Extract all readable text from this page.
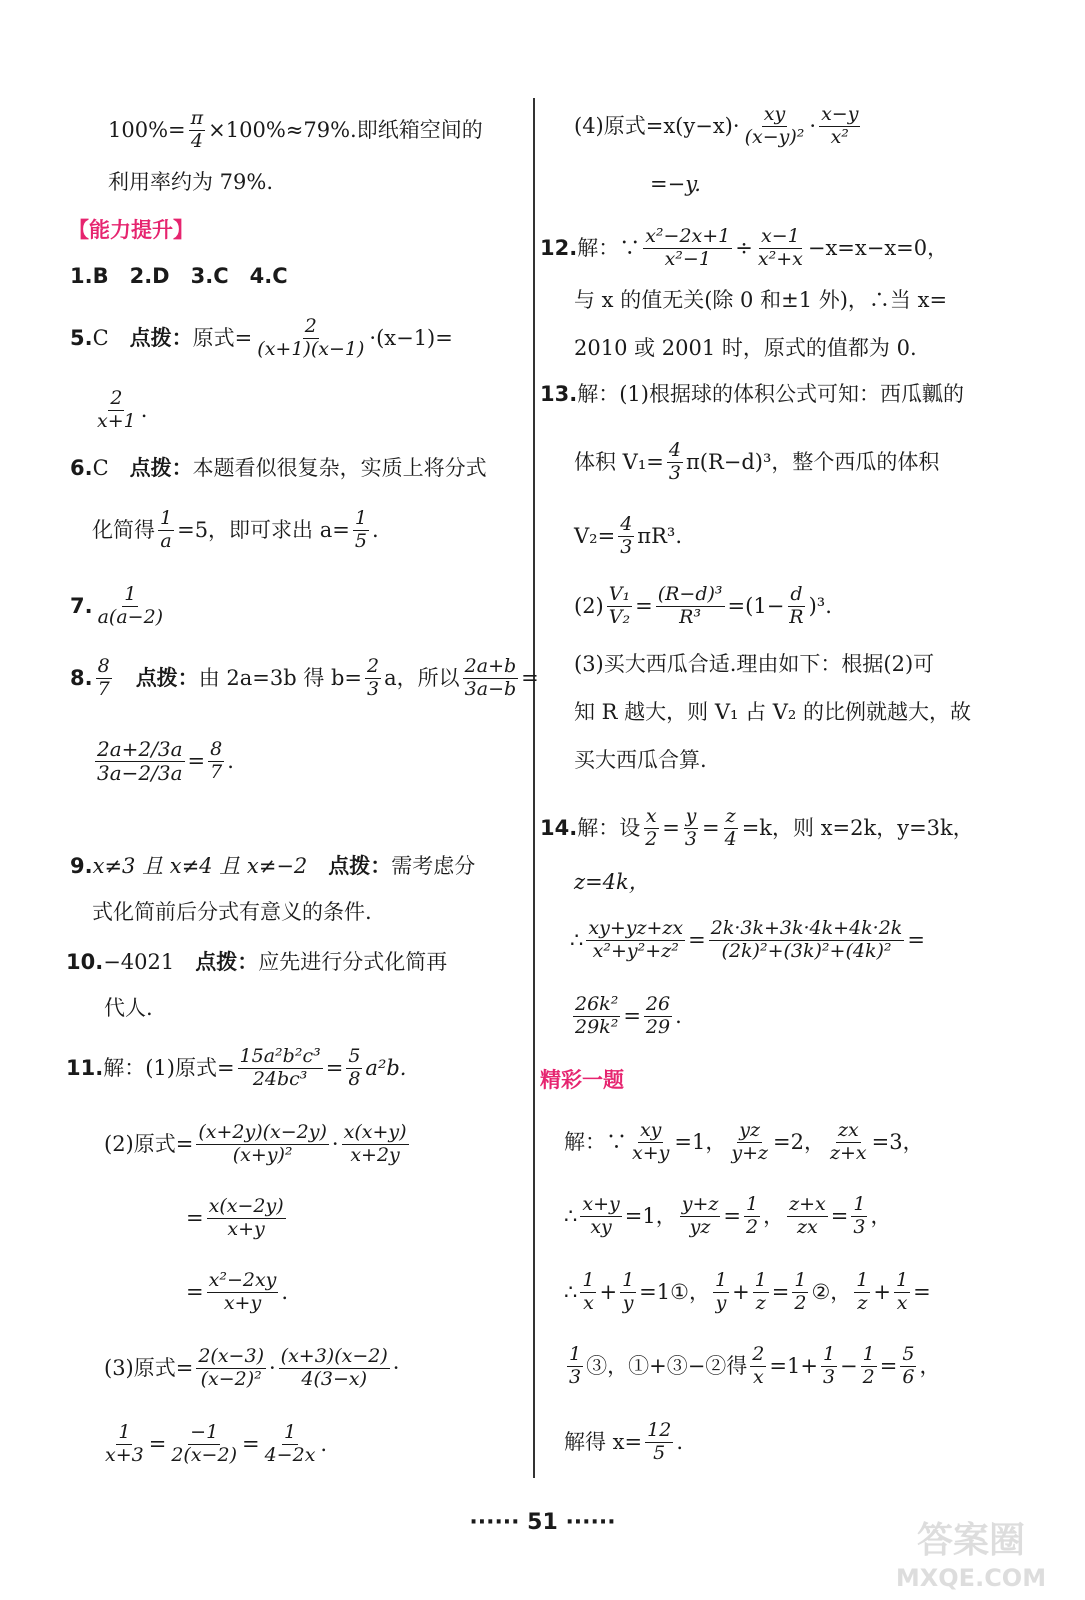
$100\%= \frac{\pi}{4} \times 100\%\approx 79\%$.即纸箱空间的
利用率约为 79%.
【能力提升】
1.B　2.D　3.C　4.C
5. C
　 点拨： 原式= $\frac{2}{(x+1)(x-1)} \cdot(x-1)=$
$\frac{2}{x+1}$ .
6. C
　 点拨： 本题看似很复杂，实质上将分式
化简得 $\frac{1}{a} =5$，即可求出 $a= \frac{1}{5}$ .
7. $\frac{1}{a(a-2)}$
8. $\frac{8}{7}$
　 点拨： 由 2a=3b 得 $b= \frac{2}{3}$ a，所以 $\frac{2a+b}{3a-b}$ =
$\frac{2a+2/3a}{3a-2/3a} = \frac{8}{7}$ .
9. x≠3 且 x≠4 且 x≠−2
　 点拨： 需考虑分
式化简前后分式有意义的条件.
10. −4021
　 点拨： 应先进行分式化简再
代人.
11. 解：(1)原式= $\frac{\text{15a²b²c³}}{\text{24bc³}} = \frac{5}{8} a^2b$.
(2)原式= $\frac{(x+2y)(x-2y)}{\text{(x+y)²}} \cdot \frac{x(x+y)}{x+2y}$
= $\frac{x(x-2y)}{x+y}$
= $\frac{\text{x²−2xy}}{x+y}$ .
(3)原式= $\frac{2(x-3)}{\text{(x−2)²}} \cdot \frac{(x+3)(x-2)}{4(3-x)}$ ·
$\frac{1}{x+3} = \frac{-1}{2(x-2)} = \frac{1}{4-2x}$ .
(4)原式$=x(y-x)\cdot \frac{xy}{\text{(x−y)²}} \cdot \frac{x-y}{\text{x²}}$
=−y.
12. 解：∵ $\frac{\text{x²−2x+1}}{\text{x²−1}} \div \frac{x-1}{\text{x²+x}} -x=x-x=0$，
与 x 的值无关(除 0 和±1 外)，∴当 x=
2010 或 2001 时，原式的值都为 0.
13. 解：(1)根据球的体积公式可知：西瓜瓤的
体积 $V_1= \frac{4}{3} \pi(R-d)^3$，整个西瓜的体积
$V_2= \frac{4}{3} \pi R^3$.
$(2) \frac{\text{V₁}}{\text{V₂}} = \frac{\text{(R−d)³}}{\text{R³}} =(1- \frac{d}{R} )^3$.
(3)买大西瓜合适.理由如下：根据(2)可
知 R 越大，则 V₁ 占 V₂ 的比例就越大，故
买大西瓜合算.
14. 解：设 $\frac{x}{2} = \frac{y}{3} = \frac{z}{4} =k$，则 x=2k，y=3k，
z=4k，
∴ $\frac{xy+yz+zx}{\text{x²+y²+z²}} = \frac{2k\cdot 3k+3k\cdot 4k+4k\cdot 2k}{\text{(2k)²+(3k)²+(4k)²}}$ =
$\frac{\text{26k²}}{\text{29k²}} = \frac{26}{29}$ .
精彩一题
解：∵ $\frac{xy}{x+y} =1$， $\frac{yz}{y+z} =2$， $\frac{zx}{z+x} =3$，
∴ $\frac{x+y}{xy} =1$， $\frac{y+z}{yz} = \frac{1}{2}$ ， $\frac{z+x}{zx} = \frac{1}{3}$ ，
∴ $\frac{1}{x} + \frac{1}{y}$ =1①， $\frac{1}{y} + \frac{1}{z} = \frac{1}{2}$ ②， $\frac{1}{z} + \frac{1}{x}$ =
$\frac{1}{3}$ ③，①+③−②得 $\frac{2}{x} =1+ \frac{1}{3} - \frac{1}{2} = \frac{5}{6}$ ，
解得 $x= \frac{12}{5}$ .
······ 51 ······	答案圈
MXQE.COM
